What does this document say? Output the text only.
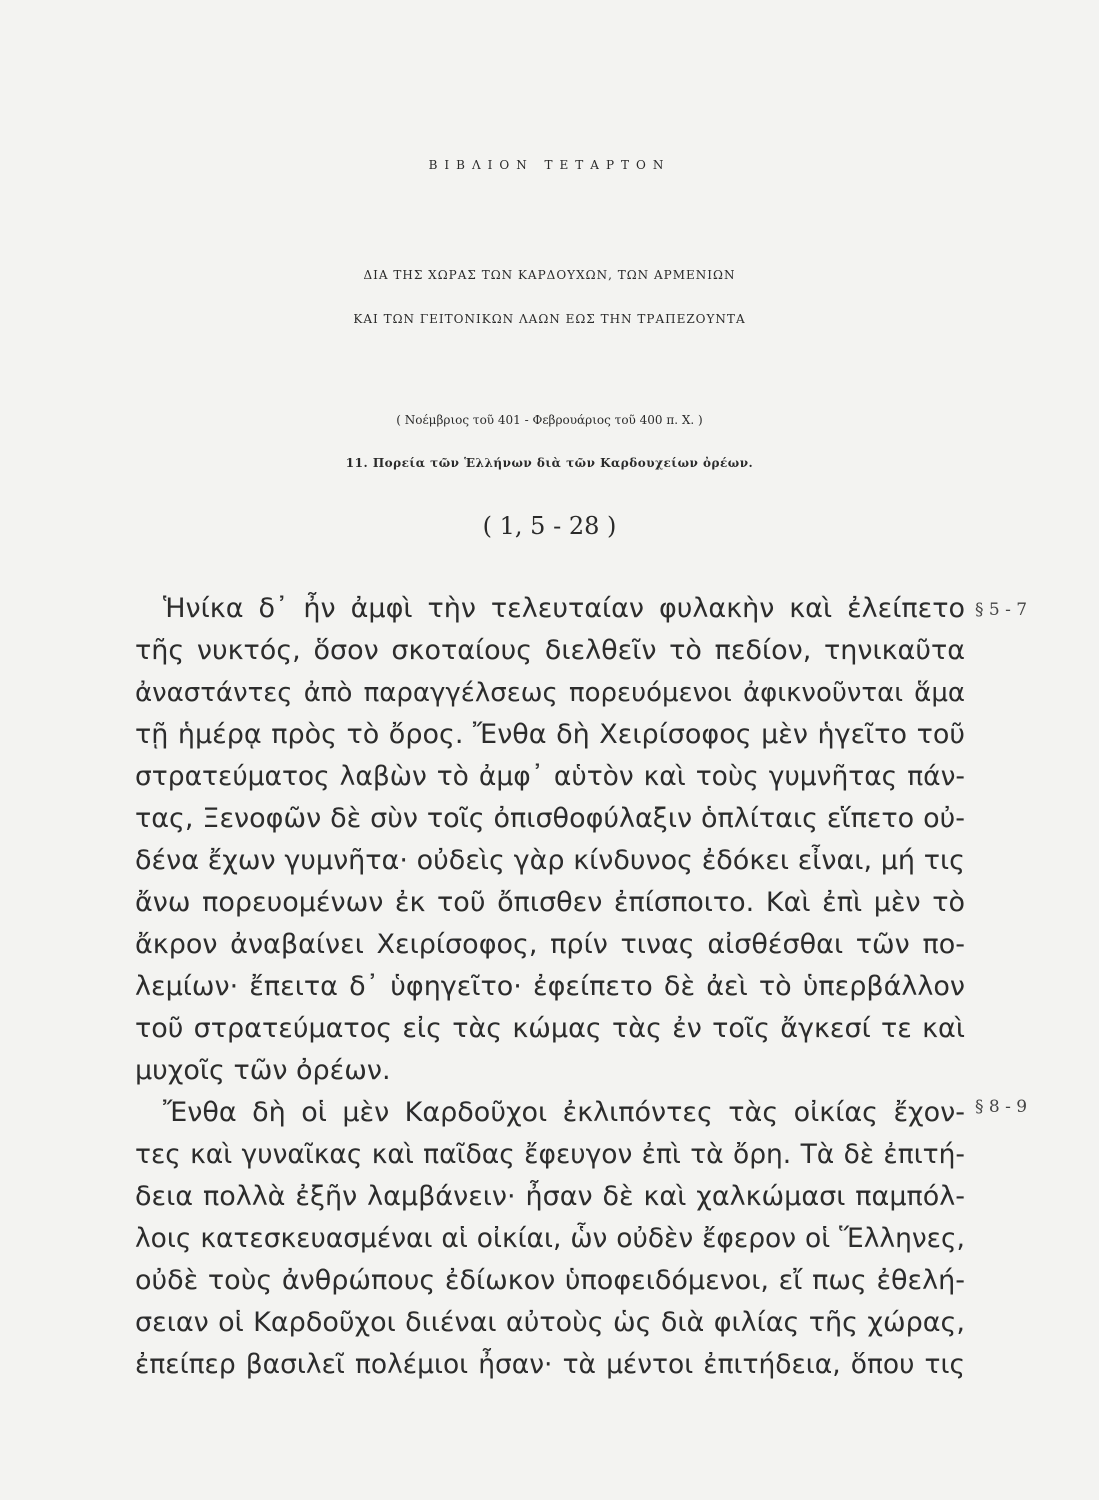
ΒΙΒΛΙΟΝ ΤΕΤΑΡΤΟΝ
ΔΙΑ ΤΗΣ ΧΩΡΑΣ ΤΩΝ ΚΑΡΔΟΥΧΩΝ, ΤΩΝ ΑΡΜΕΝΙΩΝ
ΚΑΙ ΤΩΝ ΓΕΙΤΟΝΙΚΩΝ ΛΑΩΝ ΕΩΣ ΤΗΝ ΤΡΑΠΕΖΟΥΝΤΑ
( Νοέμβριος τοῦ 401 - Φεβρουάριος τοῦ 400 π. Χ. )
11. Πορεία τῶν Ἑλλήνων διὰ τῶν Καρδουχείων ὀρέων.
( 1, 5 - 28 )
§ 5 - 7
§ 8 - 9
Ἡνίκα δ᾽ ἦν ἀμφὶ τὴν τελευταίαν φυλακὴν καὶ ἐλείπετο
τῆς νυκτός, ὅσον σκοταίους διελθεῖν τὸ πεδίον, τηνικαῦτα
ἀναστάντες ἀπὸ παραγγέλσεως πορευόμενοι ἀφικνοῦνται ἅμα
τῇ ἡμέρᾳ πρὸς τὸ ὄρος. Ἔνθα δὴ Χειρίσοφος μὲν ἡγεῖτο τοῦ
στρατεύματος λαβὼν τὸ ἀμφ᾽ αὑτὸν καὶ τοὺς γυμνῆτας πάν-
τας, Ξενοφῶν δὲ σὺν τοῖς ὀπισθοφύλαξιν ὁπλίταις εἵπετο οὐ-
δένα ἔχων γυμνῆτα· οὐδεὶς γὰρ κίνδυνος ἐδόκει εἶναι, μή τις
ἄνω πορευομένων ἐκ τοῦ ὄπισθεν ἐπίσποιτο. Καὶ ἐπὶ μὲν τὸ
ἄκρον ἀναβαίνει Χειρίσοφος, πρίν τινας αἰσθέσθαι τῶν πο-
λεμίων· ἔπειτα δ᾽ ὑφηγεῖτο· ἐφείπετο δὲ ἀεὶ τὸ ὑπερβάλλον
τοῦ στρατεύματος εἰς τὰς κώμας τὰς ἐν τοῖς ἄγκεσί τε καὶ
μυχοῖς τῶν ὀρέων.
Ἔνθα δὴ οἱ μὲν Καρδοῦχοι ἐκλιπόντες τὰς οἰκίας ἔχον-
τες καὶ γυναῖκας καὶ παῖδας ἔφευγον ἐπὶ τὰ ὄρη. Τὰ δὲ ἐπιτή-
δεια πολλὰ ἐξῆν λαμβάνειν· ἦσαν δὲ καὶ χαλκώμασι παμπόλ-
λοις κατεσκευασμέναι αἱ οἰκίαι, ὧν οὐδὲν ἔφερον οἱ Ἕλληνες,
οὐδὲ τοὺς ἀνθρώπους ἐδίωκον ὑποφειδόμενοι, εἴ πως ἐθελή-
σειαν οἱ Καρδοῦχοι διιέναι αὐτοὺς ὡς διὰ φιλίας τῆς χώρας,
ἐπείπερ βασιλεῖ πολέμιοι ἦσαν· τὰ μέντοι ἐπιτήδεια, ὅπου τις
